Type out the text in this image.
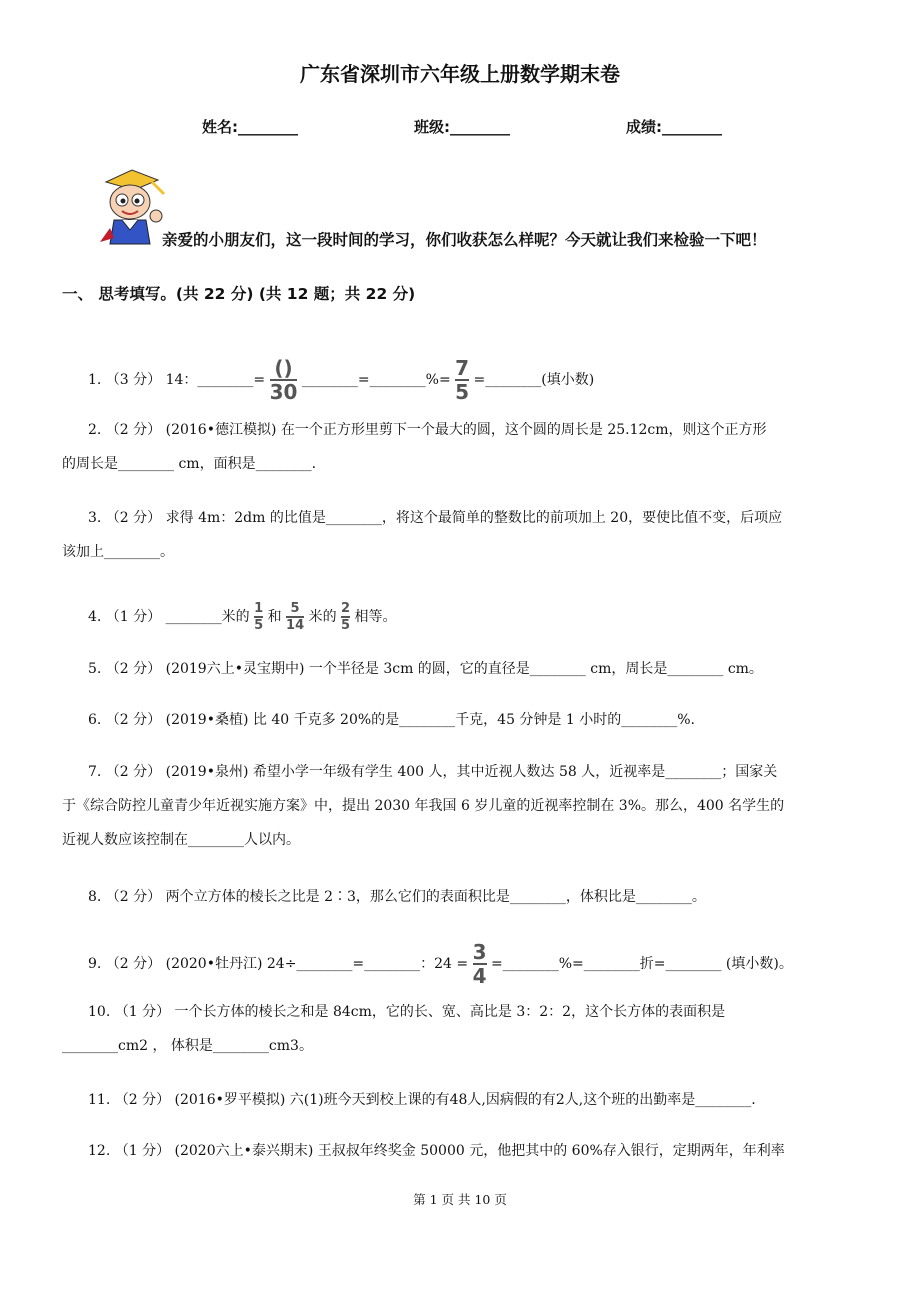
广东省深圳市六年级上册数学期末卷
姓名:________	班级:________	成绩:________
亲爱的小朋友们，这一段时间的学习，你们收获怎么样呢？今天就让我们来检验一下吧！
一、 思考填写。(共 22 分) (共 12 题；共 22 分)
1. （3 分） 14：________= $\frac{()}{30}$ ________=________%= $\frac{7}{5}$ =________(填小数)
2. （2 分） (2016•德江模拟) 在一个正方形里剪下一个最大的圆，这个圆的周长是 25.12cm，则这个正方形
的周长是________ cm，面积是________.
3. （2 分） 求得 4m：2dm 的比值是________，将这个最简单的整数比的前项加上 20，要使比值不变，后项应
该加上________。
4. （1 分） ________米的 $\frac{1}{5}$ 和 $\frac{5}{14}$ 米的 $\frac{2}{5}$ 相等。
5. （2 分） (2019六上•灵宝期中) 一个半径是 3cm 的圆，它的直径是________ cm，周长是________ cm。
6. （2 分） (2019•桑植) 比 40 千克多 20%的是________千克，45 分钟是 1 小时的________%.
7. （2 分） (2019•泉州) 希望小学一年级有学生 400 人，其中近视人数达 58 人，近视率是________；国家关
于《综合防控儿童青少年近视实施方案》中，提出 2030 年我国 6 岁儿童的近视率控制在 3%。那么，400 名学生的
近视人数应该控制在________人以内。
8. （2 分） 两个立方体的棱长之比是 2∶3，那么它们的表面积比是________，体积比是________。
9. （2 分） (2020•牡丹江) 24÷________=________：$24 = \frac{3}{4}$ =________%=________折=________ (填小数)。
10. （1 分） 一个长方体的棱长之和是 84cm，它的长、宽、高比是 3：2：2，这个长方体的表面积是
________cm2 ， 体积是________cm3。
11. （2 分） (2016•罗平模拟) 六(1)班今天到校上课的有48人,因病假的有2人,这个班的出勤率是________.
12. （1 分） (2020六上•泰兴期末) 王叔叔年终奖金 50000 元，他把其中的 60%存入银行，定期两年，年利率
第 1 页 共 10 页
